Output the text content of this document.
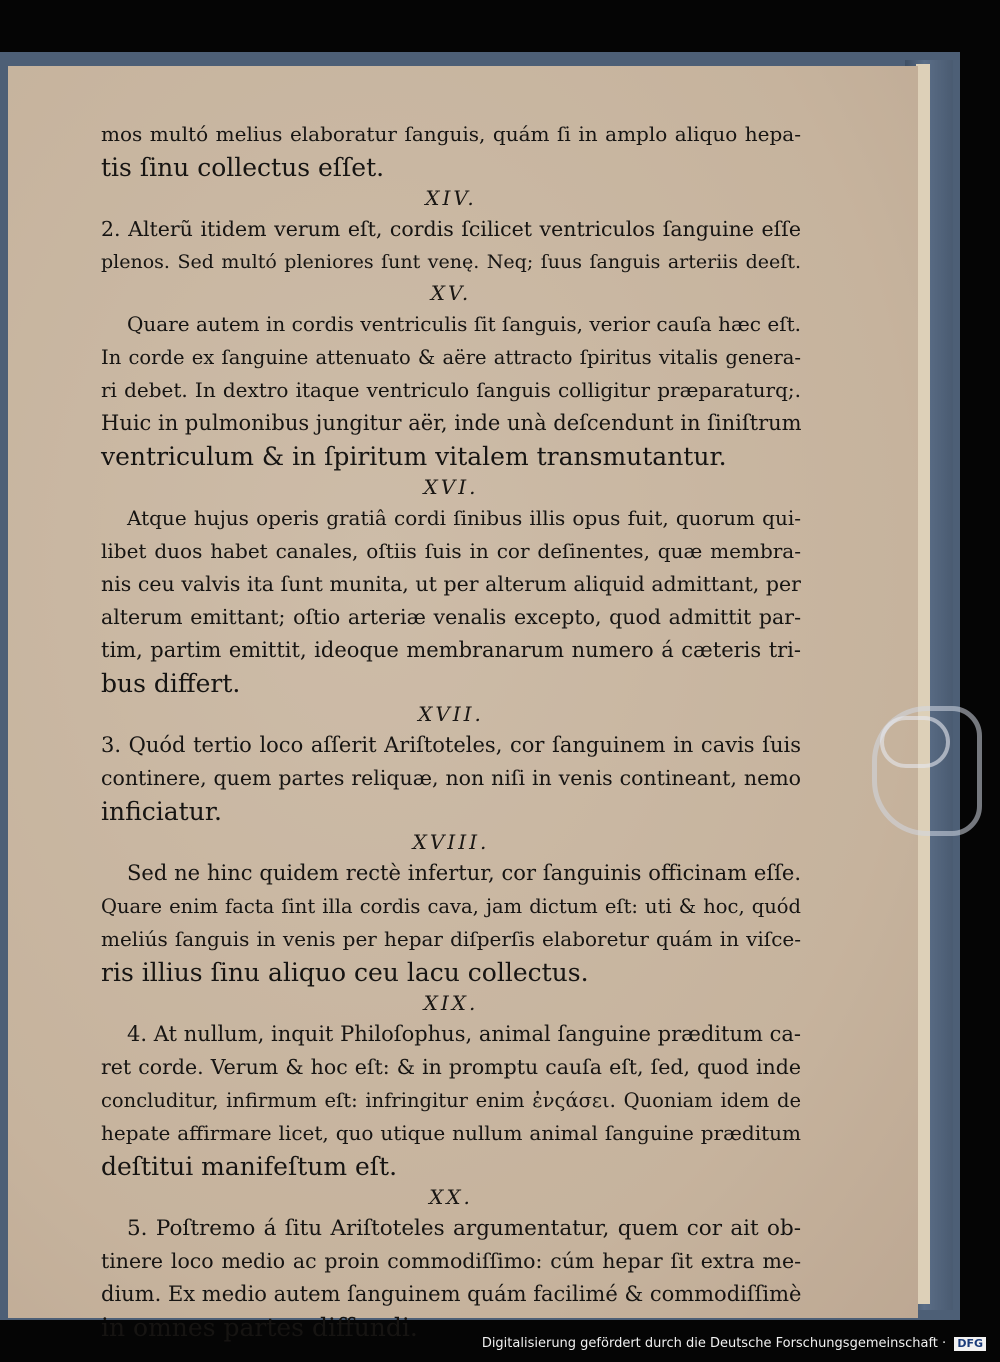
mos multó melius elaboratur ſanguis, quám ſi in amplo aliquo hepa-
tis ſinu collectus eſſet.
XIV.
2. Alterũ itidem verum eſt, cordis ſcilicet ventriculos ſanguine eſſe
plenos. Sed multó pleniores ſunt venę. Neq; ſuus ſanguis arteriis deeſt.
XV.
Quare autem in cordis ventriculis ſit ſanguis, verior cauſa hæc eſt.
In corde ex ſanguine attenuato & aëre attracto ſpiritus vitalis genera-
ri debet. In dextro itaque ventriculo ſanguis colligitur præparaturq;.
Huic in pulmonibus jungitur aër, inde unà deſcendunt in ſiniſtrum
ventriculum & in ſpiritum vitalem transmutantur.
XVI.
Atque hujus operis gratiâ cordi ſinibus illis opus fuit, quorum qui-
libet duos habet canales, oſtiis ſuis in cor deſinentes, quæ membra-
nis ceu valvis ita ſunt munita, ut per alterum aliquid admittant, per
alterum emittant; oſtio arteriæ venalis excepto, quod admittit par-
tim, partim emittit, ideoque membranarum numero á cæteris tri-
bus differt.
XVII.
3. Quód tertio loco aſſerit Ariſtoteles, cor ſanguinem in cavis ſuis
continere, quem partes reliquæ, non niſi in venis contineant, nemo
inficiatur.
XVIII.
Sed ne hinc quidem rectè infertur, cor ſanguinis officinam eſſe.
Quare enim facta ſint illa cordis cava, jam dictum eſt: uti & hoc, quód
meliús ſanguis in venis per hepar diſperſis elaboretur quám in viſce-
ris illius ſinu aliquo ceu lacu collectus.
XIX.
4. At nullum, inquit Philoſophus, animal ſanguine præditum ca-
ret corde. Verum & hoc eſt: & in promptu cauſa eſt, ſed, quod inde
concluditur, infirmum eſt: infringitur enim ἐνςάσει. Quoniam idem de
hepate affirmare licet, quo utique nullum animal ſanguine præditum
deſtitui manifeſtum eſt.
XX.
5. Poſtremo á ſitu Ariſtoteles argumentatur, quem cor ait ob-
tinere loco medio ac proin commodiſſimo: cúm hepar ſit extra me-
dium. Ex medio autem ſanguinem quám facilimé & commodiſſimè
in omnes partes diffundi.
Digitalisierung gefördert durch die Deutsche Forschungsgemeinschaft · DFG
